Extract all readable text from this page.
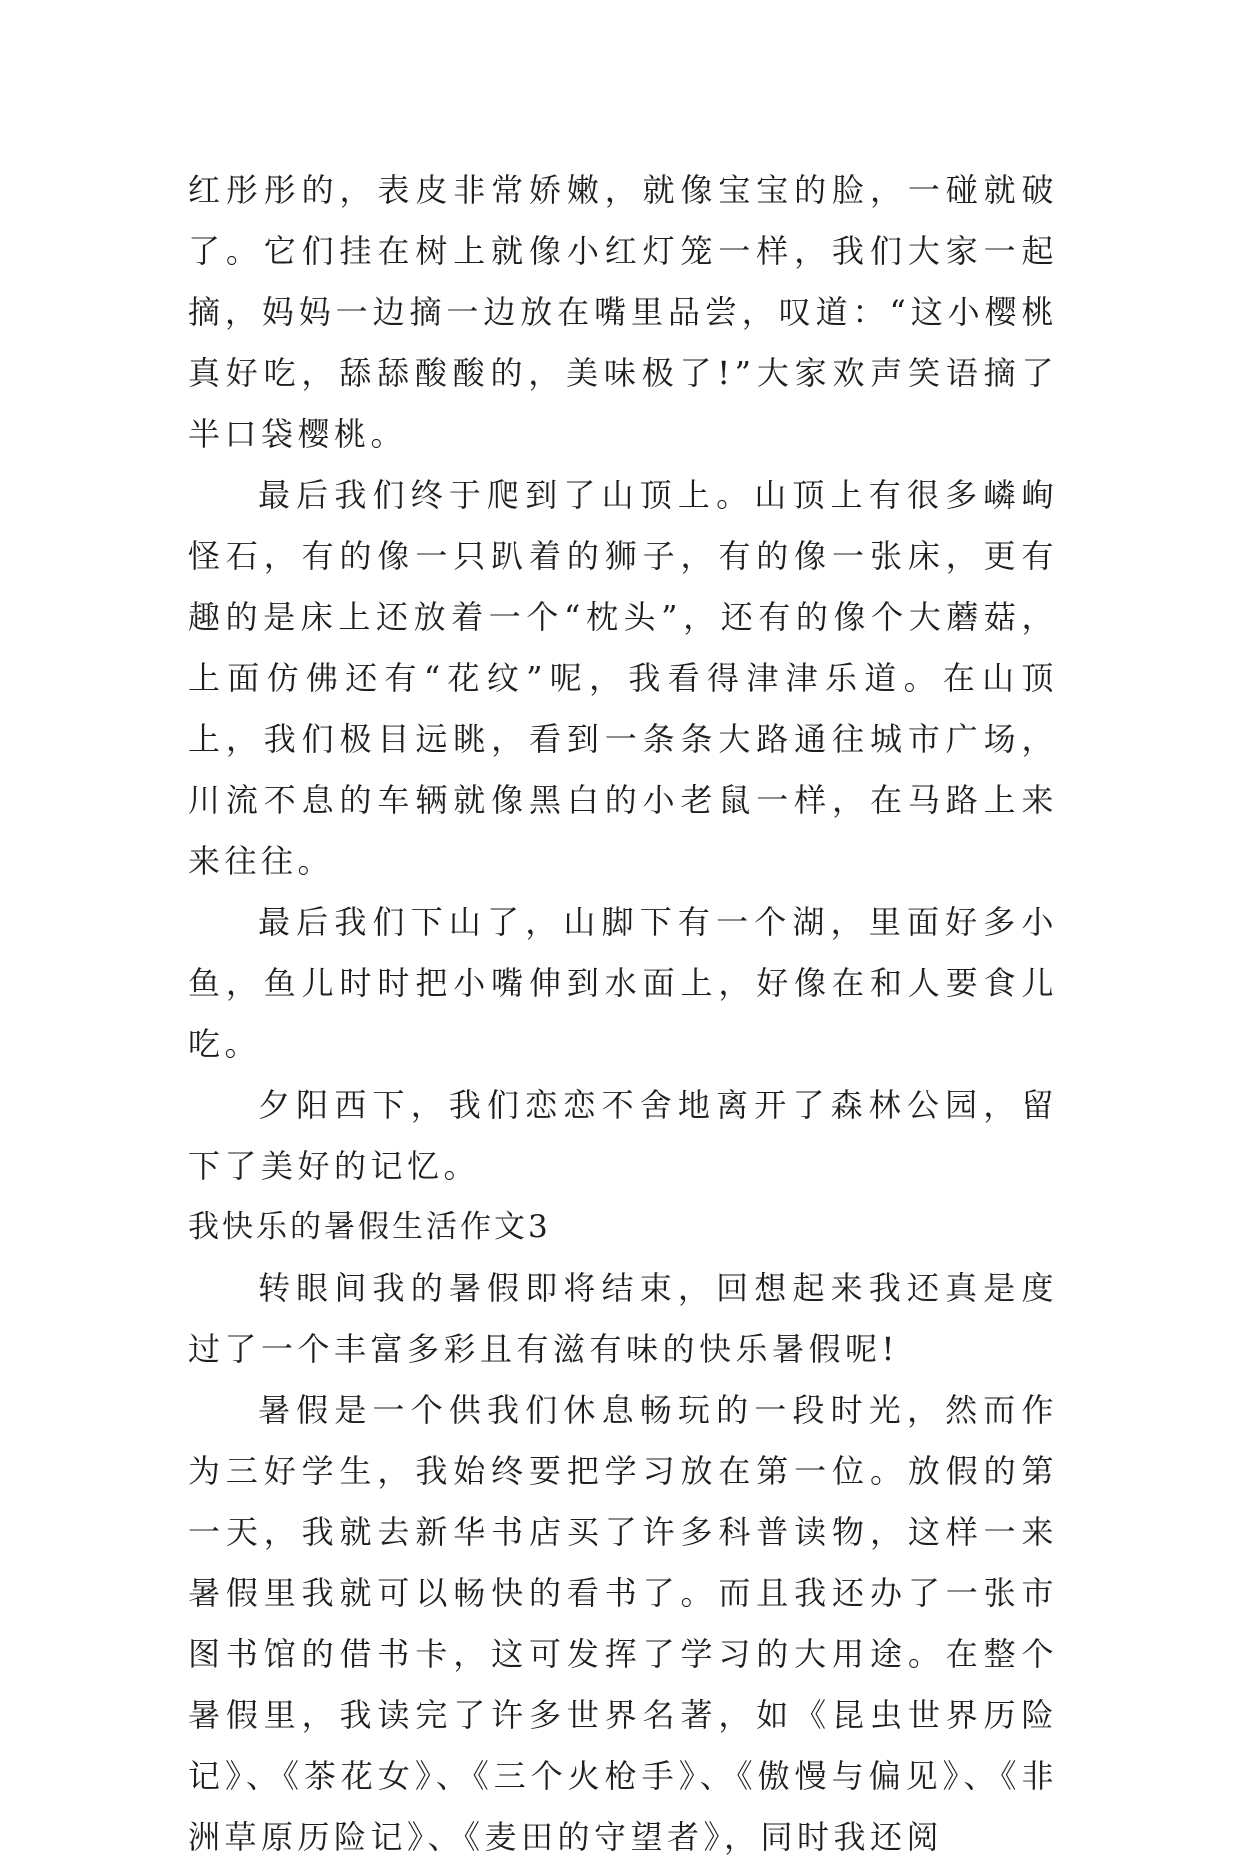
红彤彤的，表皮非常娇嫩，就像宝宝的脸，一碰就破了。它们挂在树上就像小红灯笼一样，我们大家一起摘，妈妈一边摘一边放在嘴里品尝，叹道：“这小樱桃真好吃，舔舔酸酸的，美味极了!”大家欢声笑语摘了半口袋樱桃。

最后我们终于爬到了山顶上。山顶上有很多嶙峋怪石，有的像一只趴着的狮子，有的像一张床，更有趣的是床上还放着一个“枕头”，还有的像个大蘑菇，上面仿佛还有“花纹”呢，我看得津津乐道。在山顶上，我们极目远眺，看到一条条大路通往城市广场，川流不息的车辆就像黑白的小老鼠一样，在马路上来来往往。

最后我们下山了，山脚下有一个湖，里面好多小鱼，鱼儿时时把小嘴伸到水面上，好像在和人要食儿吃。

夕阳西下，我们恋恋不舍地离开了森林公园，留下了美好的记忆。

我快乐的暑假生活作文3

转眼间我的暑假即将结束，回想起来我还真是度过了一个丰富多彩且有滋有味的快乐暑假呢!

暑假是一个供我们休息畅玩的一段时光，然而作为三好学生，我始终要把学习放在第一位。放假的第一天，我就去新华书店买了许多科普读物，这样一来暑假里我就可以畅快的看书了。而且我还办了一张市图书馆的借书卡，这可发挥了学习的大用途。在整个暑假里，我读完了许多世界名著，如《昆虫世界历险记》、《茶花女》、《三个火枪手》、《傲慢与偏见》、《非洲草原历险记》、《麦田的守望者》，同时我还阅
